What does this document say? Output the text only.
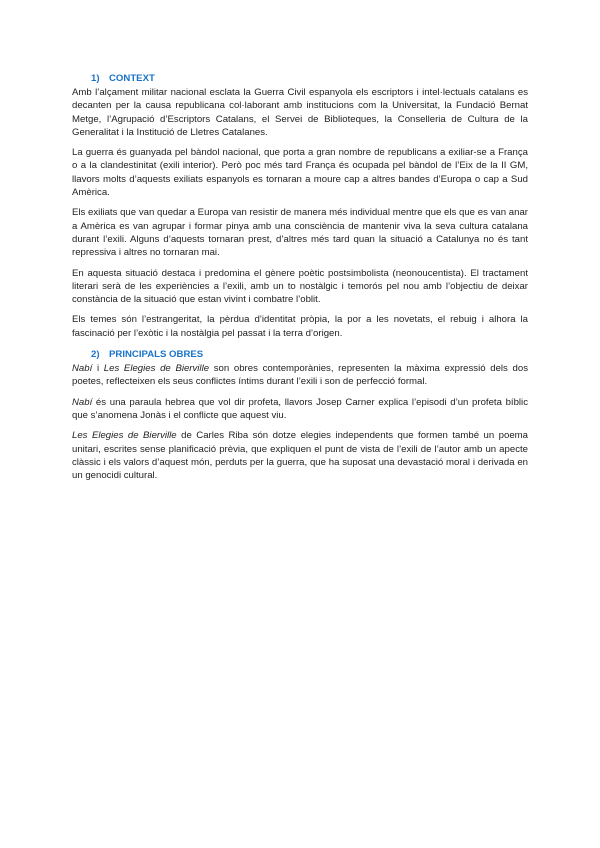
1) CONTEXT

Amb l’alçament militar nacional esclata la Guerra Civil espanyola els escriptors i intel·lectuals catalans es decanten per la causa republicana col·laborant amb institucions com la Universitat, la Fundació Bernat Metge, l’Agrupació d’Escriptors Catalans, el Servei de Biblioteques, la Conselleria de Cultura de la Generalitat i la Institució de Lletres Catalanes.

La guerra és guanyada pel bàndol nacional, que porta a gran nombre de republicans a exiliar-se a França o a la clandestinitat (exili interior). Però poc més tard França és ocupada pel bàndol de l’Eix de la II GM, llavors molts d’aquests exiliats espanyols es tornaran a moure cap a altres bandes d’Europa o cap a Sud Amèrica.

Els exiliats que van quedar a Europa van resistir de manera més individual mentre que els que es van anar a Amèrica es van agrupar i formar pinya amb una consciència de mantenir viva la seva cultura catalana durant l’exili. Alguns d’aquests tornaran prest, d’altres més tard quan la situació a Catalunya no és tant repressiva i altres no tornaran mai.

En aquesta situació destaca i predomina el gènere poètic postsimbolista (neonoucentista). El tractament literari serà de les experiències a l’exili, amb un to nostàlgic i temorós pel nou amb l’objectiu de deixar constància de la situació que estan vivint i combatre l’oblit.

Els temes són l’estrangeritat, la pèrdua d’identitat pròpia, la por a les novetats, el rebuig i alhora la fascinació per l’exòtic i la nostàlgia pel passat i la terra d’origen.

2) PRINCIPALS OBRES

Nabí i Les Elegies de Bierville son obres contemporànies, representen la màxima expressió dels dos poetes, reflecteixen els seus conflictes íntims durant l’exili i son de perfecció formal.

Nabí és una paraula hebrea que vol dir profeta, llavors Josep Carner explica l’episodi d’un profeta bíblic que s’anomena Jonàs i el conflicte que aquest viu.

Les Elegies de Bierville de Carles Riba són dotze elegies independents que formen també un poema unitari, escrites sense planificació prèvia, que expliquen el punt de vista de l’exili de l’autor amb un apecte clàssic i els valors d’aquest món, perduts per la guerra, que ha suposat una devastació moral i derivada en un genocidi cultural.
